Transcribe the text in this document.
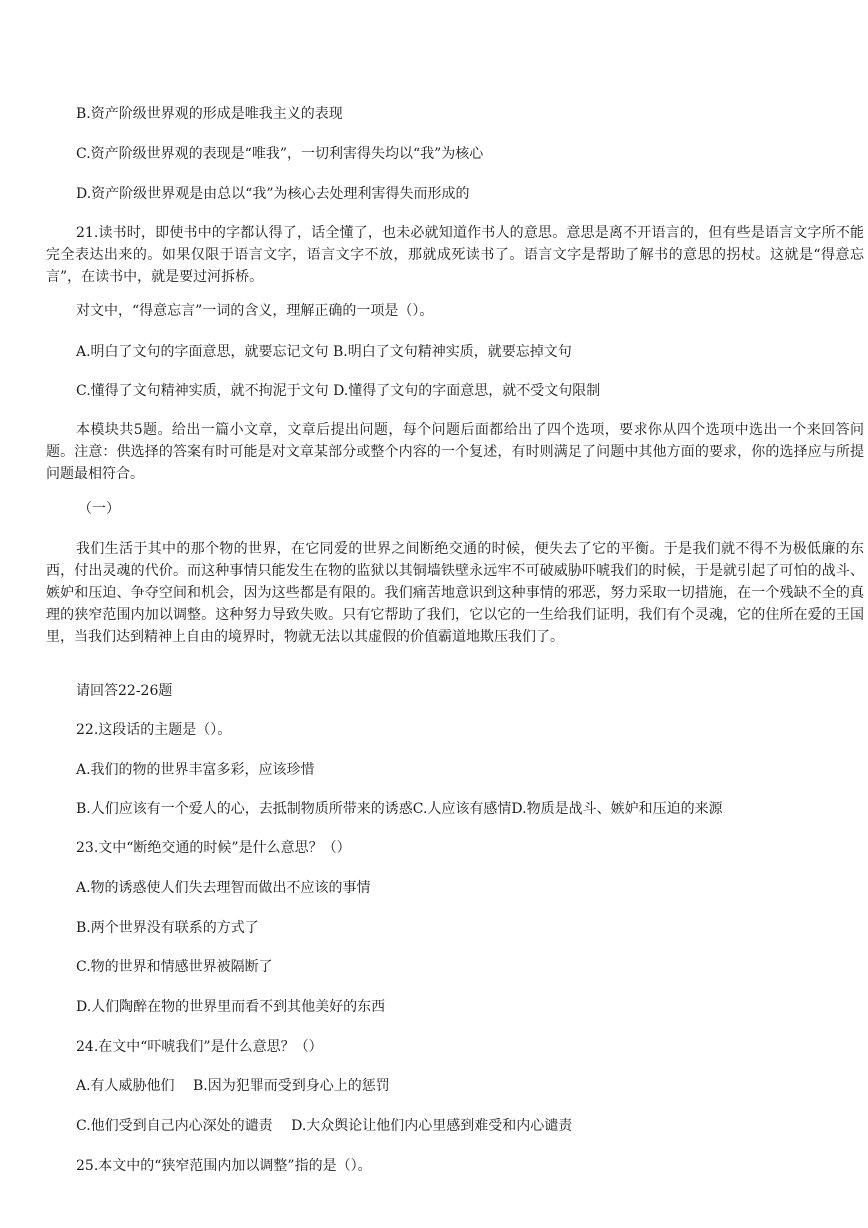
B.资产阶级世界观的形成是唯我主义的表现
C.资产阶级世界观的表现是“唯我”，一切利害得失均以“我”为核心
D.资产阶级世界观是由总以“我”为核心去处理利害得失而形成的
21.读书时，即使书中的字都认得了，话全懂了，也未必就知道作书人的意思。意思是离不开语言的，但有些是语言文字所不能完全表达出来的。如果仅限于语言文字，语言文字不放，那就成死读书了。语言文字是帮助了解书的意思的拐杖。这就是“得意忘言”，在读书中，就是要过河拆桥。
对文中，“得意忘言”一词的含义，理解正确的一项是（）。
A.明白了文句的字面意思，就要忘记文句 B.明白了文句精神实质，就要忘掉文句
C.懂得了文句精神实质，就不拘泥于文句 D.懂得了文句的字面意思，就不受文句限制
本模块共5题。给出一篇小文章，文章后提出问题，每个问题后面都给出了四个选项，要求你从四个选项中选出一个来回答问题。注意：供选择的答案有时可能是对文章某部分或整个内容的一个复述，有时则满足了问题中其他方面的要求，你的选择应与所提问题最相符合。
（一）
我们生活于其中的那个物的世界，在它同爱的世界之间断绝交通的时候，便失去了它的平衡。于是我们就不得不为极低廉的东西，付出灵魂的代价。而这种事情只能发生在物的监狱以其铜墙铁壁永远牢不可破威胁吓唬我们的时候，于是就引起了可怕的战斗、嫉妒和压迫、争夺空间和机会，因为这些都是有限的。我们痛苦地意识到这种事情的邪恶，努力采取一切措施，在一个残缺不全的真理的狭窄范围内加以调整。这种努力导致失败。只有它帮助了我们，它以它的一生给我们证明，我们有个灵魂，它的住所在爱的王国里，当我们达到精神上自由的境界时，物就无法以其虚假的价值霸道地欺压我们了。
请回答22-26题
22.这段话的主题是（）。
A.我们的物的世界丰富多彩，应该珍惜
B.人们应该有一个爱人的心，去抵制物质所带来的诱惑C.人应该有感情D.物质是战斗、嫉妒和压迫的来源
23.文中“断绝交通的时候”是什么意思？（）
A.物的诱惑使人们失去理智而做出不应该的事情
B.两个世界没有联系的方式了
C.物的世界和情感世界被隔断了
D.人们陶醉在物的世界里而看不到其他美好的东西
24.在文中“吓唬我们”是什么意思？（）
A.有人威胁他们　 B.因为犯罪而受到身心上的惩罚
C.他们受到自己内心深处的谴责　 D.大众舆论让他们内心里感到难受和内心谴责
25.本文中的“狭窄范围内加以调整”指的是（）。
